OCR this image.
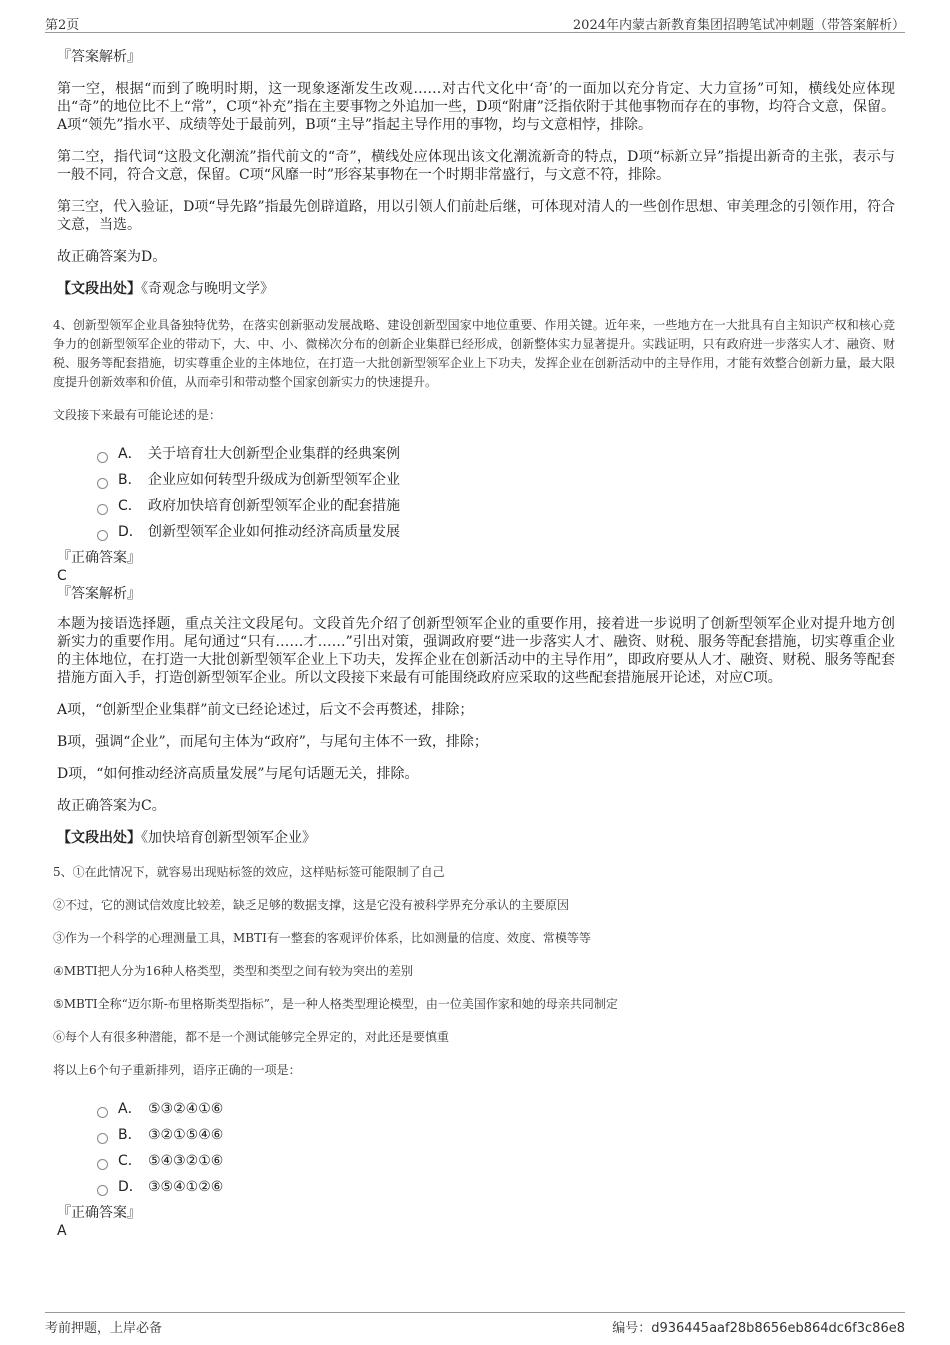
第2页	2024年内蒙古新教育集团招聘笔试冲刺题（带答案解析）

『答案解析』

第一空，根据“而到了晚明时期，这一现象逐渐发生改观……对古代文化中‘奇’的一面加以充分肯定、大力宣扬”可知，横线处应体现出“奇”的地位比不上“常”，C项“补充”指在主要事物之外追加一些，D项“附庸”泛指依附于其他事物而存在的事物，均符合文意，保留。A项“领先”指水平、成绩等处于最前列，B项“主导”指起主导作用的事物，均与文意相悖，排除。

第二空，指代词“这股文化潮流”指代前文的“奇”，横线处应体现出该文化潮流新奇的特点，D项“标新立异”指提出新奇的主张，表示与一般不同，符合文意，保留。C项“风靡一时”形容某事物在一个时期非常盛行，与文意不符，排除。

第三空，代入验证，D项“导先路”指最先创辟道路，用以引领人们前赴后继，可体现对清人的一些创作思想、审美理念的引领作用，符合文意，当选。

故正确答案为D。

【文段出处】《奇观念与晚明文学》

4、创新型领军企业具备独特优势，在落实创新驱动发展战略、建设创新型国家中地位重要、作用关键。近年来，一些地方在一大批具有自主知识产权和核心竞争力的创新型领军企业的带动下，大、中、小、微梯次分布的创新企业集群已经形成，创新整体实力显著提升。实践证明，只有政府进一步落实人才、融资、财税、服务等配套措施，切实尊重企业的主体地位，在打造一大批创新型领军企业上下功夫，发挥企业在创新活动中的主导作用，才能有效整合创新力量，最大限度提升创新效率和价值，从而牵引和带动整个国家创新实力的快速提升。

文段接下来最有可能论述的是：

A． 关于培育壮大创新型企业集群的经典案例
B． 企业应如何转型升级成为创新型领军企业
C． 政府加快培育创新型领军企业的配套措施
D． 创新型领军企业如何推动经济高质量发展

『正确答案』

C

『答案解析』

本题为接语选择题，重点关注文段尾句。文段首先介绍了创新型领军企业的重要作用，接着进一步说明了创新型领军企业对提升地方创新实力的重要作用。尾句通过“只有……才……”引出对策，强调政府要“进一步落实人才、融资、财税、服务等配套措施，切实尊重企业的主体地位，在打造一大批创新型领军企业上下功夫，发挥企业在创新活动中的主导作用”，即政府要从人才、融资、财税、服务等配套措施方面入手，打造创新型领军企业。所以文段接下来最有可能围绕政府应采取的这些配套措施展开论述，对应C项。

A项，“创新型企业集群”前文已经论述过，后文不会再赘述，排除；

B项，强调“企业”，而尾句主体为“政府”，与尾句主体不一致，排除；

D项，“如何推动经济高质量发展”与尾句话题无关，排除。

故正确答案为C。

【文段出处】《加快培育创新型领军企业》

5、①在此情况下，就容易出现贴标签的效应，这样贴标签可能限制了自己

②不过，它的测试信效度比较差，缺乏足够的数据支撑，这是它没有被科学界充分承认的主要原因

③作为一个科学的心理测量工具，MBTI有一整套的客观评价体系，比如测量的信度、效度、常模等等

④MBTI把人分为16种人格类型，类型和类型之间有较为突出的差别

⑤MBTI全称“迈尔斯-布里格斯类型指标”，是一种人格类型理论模型，由一位美国作家和她的母亲共同制定

⑥每个人有很多种潜能，都不是一个测试能够完全界定的，对此还是要慎重

将以上6个句子重新排列，语序正确的一项是：

A． ⑤③②④①⑥
B． ③②①⑤④⑥
C． ⑤④③②①⑥
D． ③⑤④①②⑥

『正确答案』

A

考前押题，上岸必备	编号：d936445aaf28b8656eb864dc6f3c86e8
